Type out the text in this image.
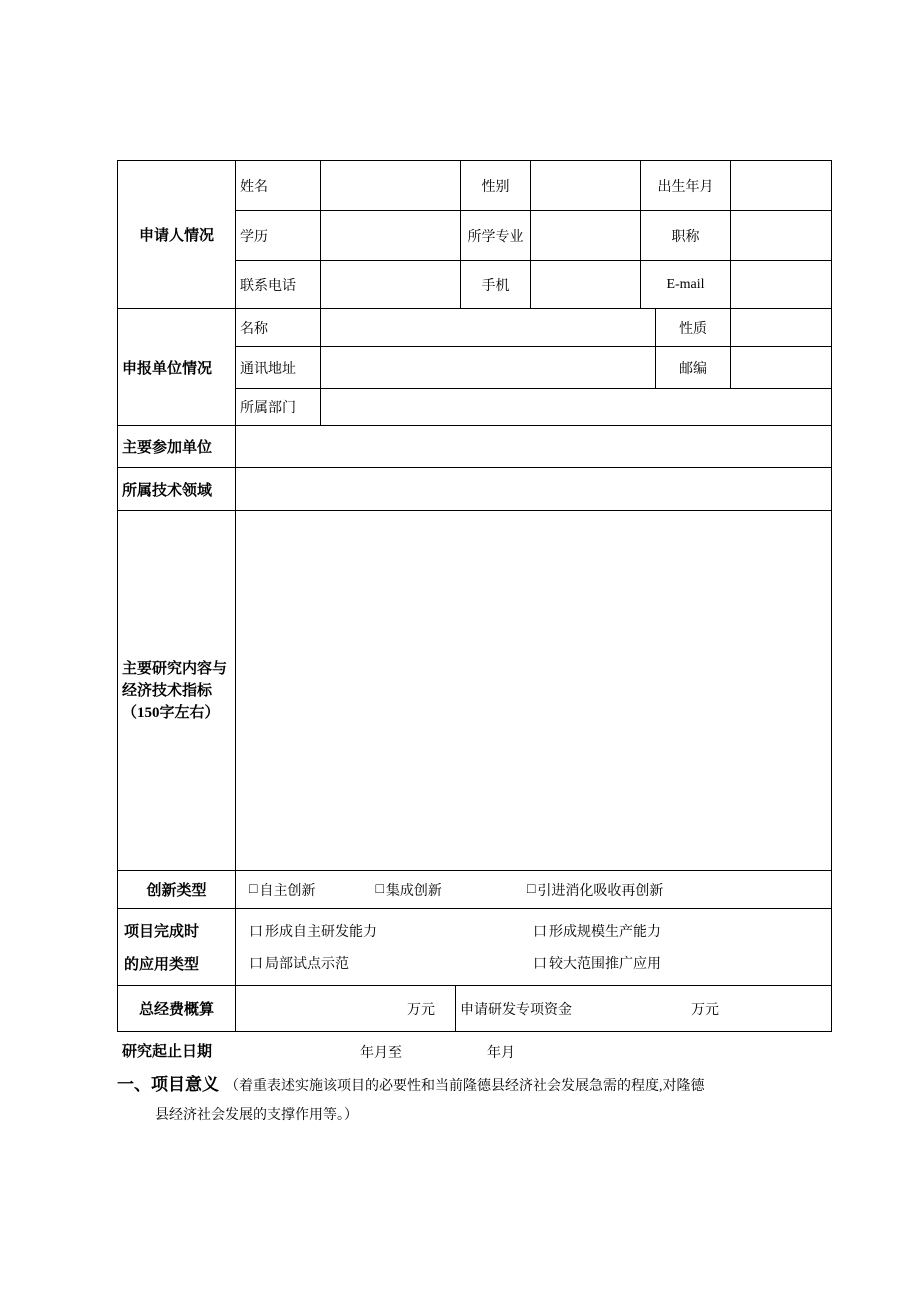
申请人情况
姓名	性别	出生年月
学历	所学专业	职称
联系电话	手机	E-mail
申报单位情况
名称	性质
通讯地址	邮编
所属部门
主要参加单位
所属技术领域
主要研究内容与经济技术指标（150字左右）
创新类型	□ 自主创新	□ 集成创新	□ 引进消化吸收再创新
项目完成时
的应用类型
口 形成自主研发能力	口 形成规模生产能力
口 局部试点示范	口 较大范围推广应用
总经费概算	万元 申请研发专项资金	万元
研究起止日期	年月至	年月
一、项目意义 （着重表述实施该项目的必要性和当前隆德县经济社会发展急需的程度,对隆德
县经济社会发展的支撑作用等。）
